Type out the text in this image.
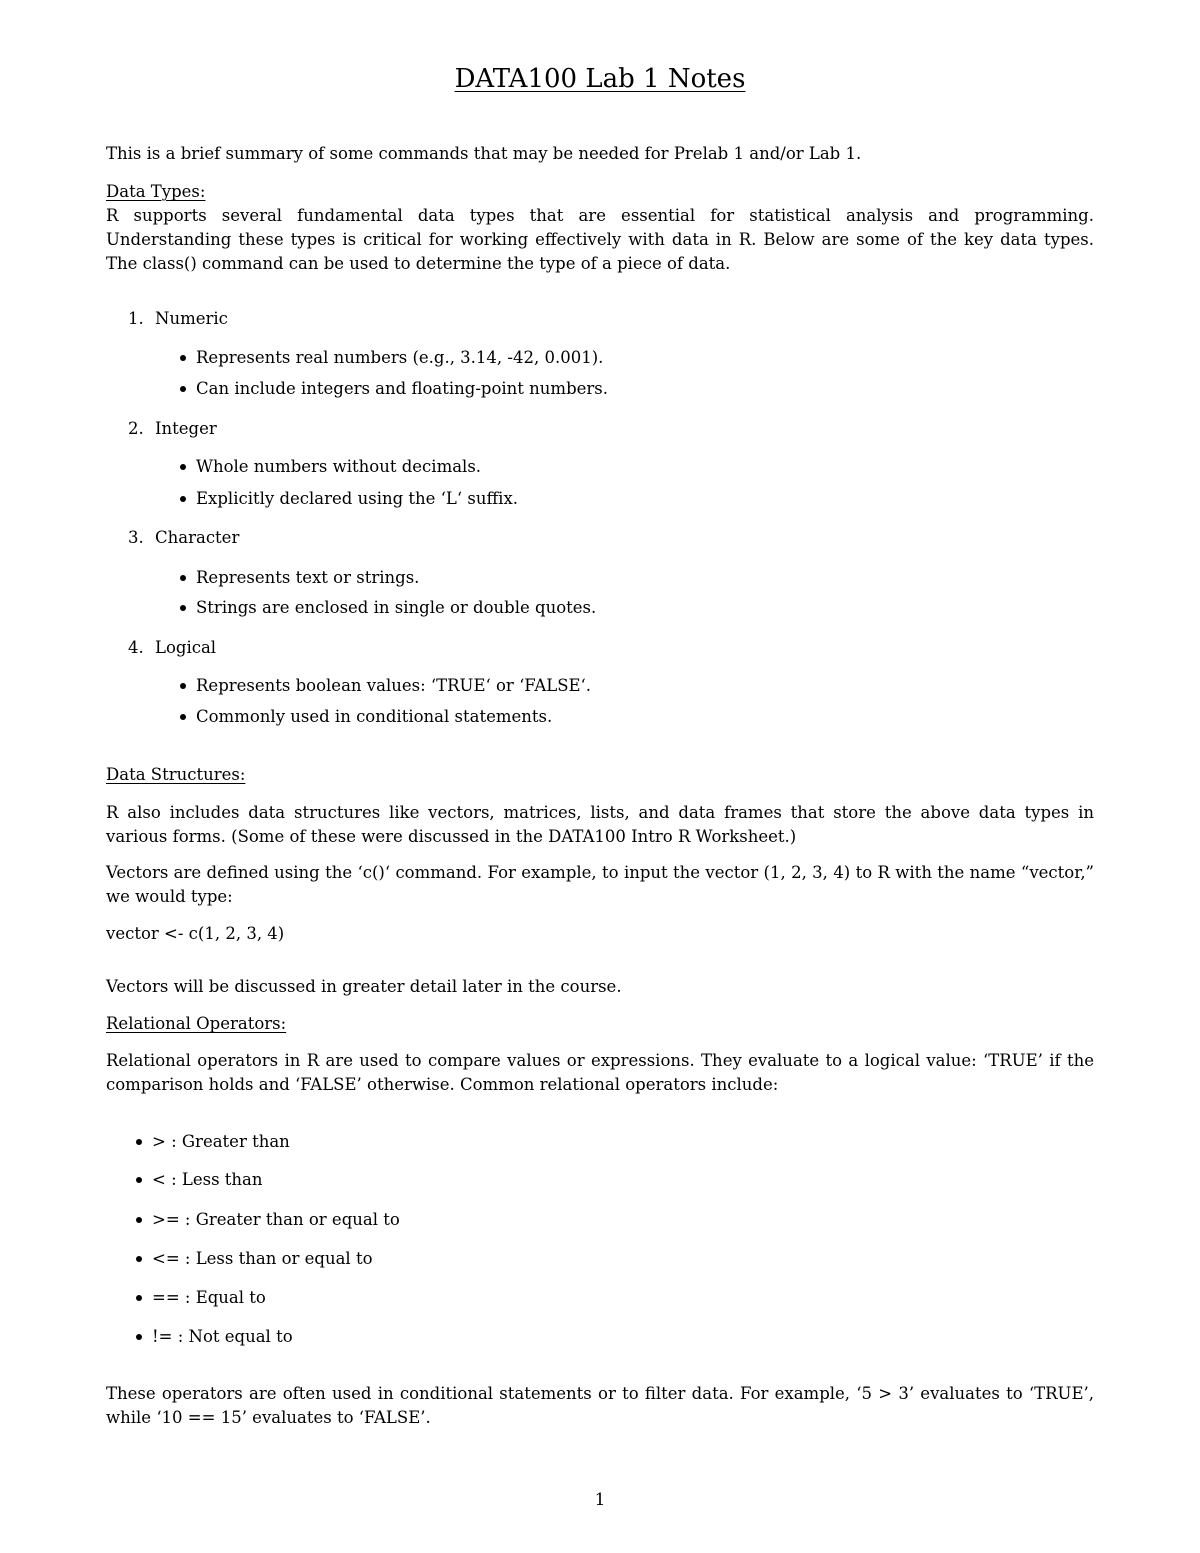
DATA100 Lab 1 Notes
This is a brief summary of some commands that may be needed for Prelab 1 and/or Lab 1.
Data Types:
R supports several fundamental data types that are essential for statistical analysis and programming. Understanding these types is critical for working effectively with data in R. Below are some of the key data types. The class() command can be used to determine the type of a piece of data.
1. Numeric
Represents real numbers (e.g., 3.14, -42, 0.001).
Can include integers and floating-point numbers.
2. Integer
Whole numbers without decimals.
Explicitly declared using the ‘L‘ suffix.
3. Character
Represents text or strings.
Strings are enclosed in single or double quotes.
4. Logical
Represents boolean values: ‘TRUE‘ or ‘FALSE‘.
Commonly used in conditional statements.
Data Structures:
R also includes data structures like vectors, matrices, lists, and data frames that store the above data types in various forms. (Some of these were discussed in the DATA100 Intro R Worksheet.)
Vectors are defined using the ‘c()‘ command. For example, to input the vector (1, 2, 3, 4) to R with the name “vector,” we would type:
vector <- c(1, 2, 3, 4)
Vectors will be discussed in greater detail later in the course.
Relational Operators:
Relational operators in R are used to compare values or expressions. They evaluate to a logical value: ‘TRUE’ if the comparison holds and ‘FALSE’ otherwise. Common relational operators include:
> : Greater than
< : Less than
>= : Greater than or equal to
<= : Less than or equal to
== : Equal to
!= : Not equal to
These operators are often used in conditional statements or to filter data. For example, ‘5 > 3’ evaluates to ‘TRUE’, while ‘10 == 15’ evaluates to ‘FALSE’.
1
